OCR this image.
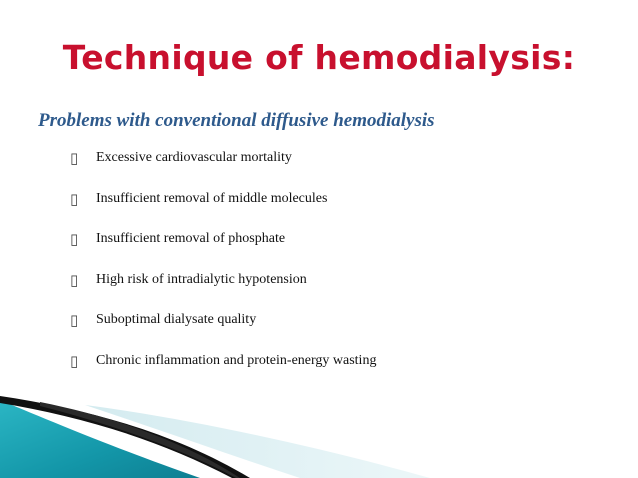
Technique of hemodialysis:
Problems with conventional diffusive hemodialysis
▯	Excessive cardiovascular mortality
▯	Insufficient removal of middle molecules
▯	Insufficient removal of phosphate
▯	High risk of intradialytic hypotension
▯	Suboptimal dialysate quality
▯	Chronic inflammation and protein-energy wasting
